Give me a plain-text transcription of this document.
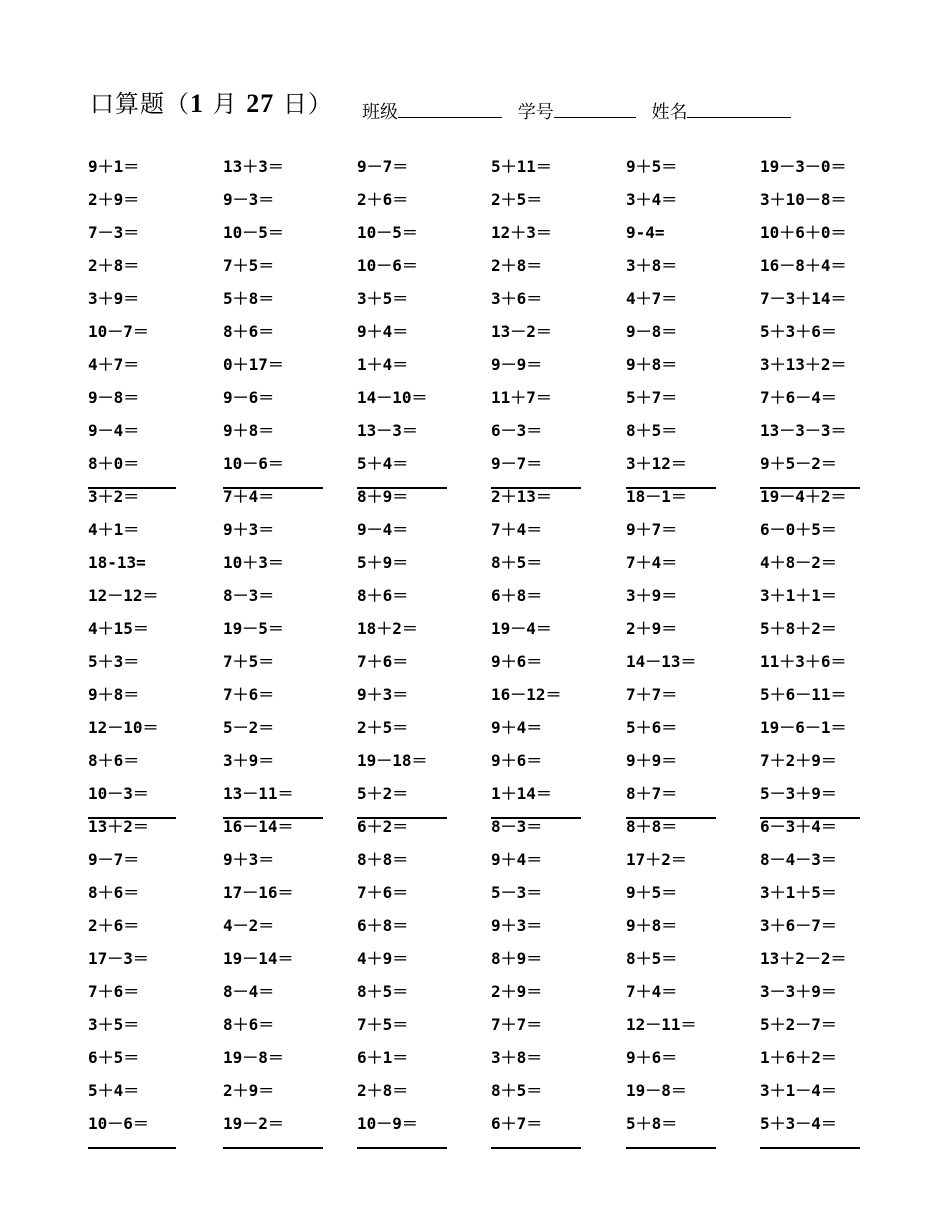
口算题（1 月 27 日） 班级	学号	姓名
9＋1＝
2＋9＝
7－3＝
2＋8＝
3＋9＝
10－7＝
4＋7＝
9－8＝
9－4＝
8＋0＝
3＋2＝
4＋1＝
18-13=
12－12＝
4＋15＝
5＋3＝
9＋8＝
12－10＝
8＋6＝
10－3＝
13＋2＝
9－7＝
8＋6＝
2＋6＝
17－3＝
7＋6＝
3＋5＝
6＋5＝
5＋4＝
10－6＝
13＋3＝
9－3＝
10－5＝
7＋5＝
5＋8＝
8＋6＝
0＋17＝
9－6＝
9＋8＝
10－6＝
7＋4＝
9＋3＝
10＋3＝
8－3＝
19－5＝
7＋5＝
7＋6＝
5－2＝
3＋9＝
13－11＝
16－14＝
9＋3＝
17－16＝
4－2＝
19－14＝
8－4＝
8＋6＝
19－8＝
2＋9＝
19－2＝
9－7＝
2＋6＝
10－5＝
10－6＝
3＋5＝
9＋4＝
1＋4＝
14－10＝
13－3＝
5＋4＝
8＋9＝
9－4＝
5＋9＝
8＋6＝
18＋2＝
7＋6＝
9＋3＝
2＋5＝
19－18＝
5＋2＝
6＋2＝
8＋8＝
7＋6＝
6＋8＝
4＋9＝
8＋5＝
7＋5＝
6＋1＝
2＋8＝
10－9＝
5＋11＝
2＋5＝
12＋3＝
2＋8＝
3＋6＝
13－2＝
9－9＝
11＋7＝
6－3＝
9－7＝
2＋13＝
7＋4＝
8＋5＝
6＋8＝
19－4＝
9＋6＝
16－12＝
9＋4＝
9＋6＝
1＋14＝
8－3＝
9＋4＝
5－3＝
9＋3＝
8＋9＝
2＋9＝
7＋7＝
3＋8＝
8＋5＝
6＋7＝
9＋5＝
3＋4＝
9-4=
3＋8＝
4＋7＝
9－8＝
9＋8＝
5＋7＝
8＋5＝
3＋12＝
18－1＝
9＋7＝
7＋4＝
3＋9＝
2＋9＝
14－13＝
7＋7＝
5＋6＝
9＋9＝
8＋7＝
8＋8＝
17＋2＝
9＋5＝
9＋8＝
8＋5＝
7＋4＝
12－11＝
9＋6＝
19－8＝
5＋8＝
19－3－0＝
3＋10－8＝
10＋6＋0＝
16－8＋4＝
7－3＋14＝
5＋3＋6＝
3＋13＋2＝
7＋6－4＝
13－3－3＝
9＋5－2＝
19－4＋2＝
6－0＋5＝
4＋8－2＝
3＋1＋1＝
5＋8＋2＝
11＋3＋6＝
5＋6－11＝
19－6－1＝
7＋2＋9＝
5－3＋9＝
6－3＋4＝
8－4－3＝
3＋1＋5＝
3＋6－7＝
13＋2－2＝
3－3＋9＝
5＋2－7＝
1＋6＋2＝
3＋1－4＝
5＋3－4＝
